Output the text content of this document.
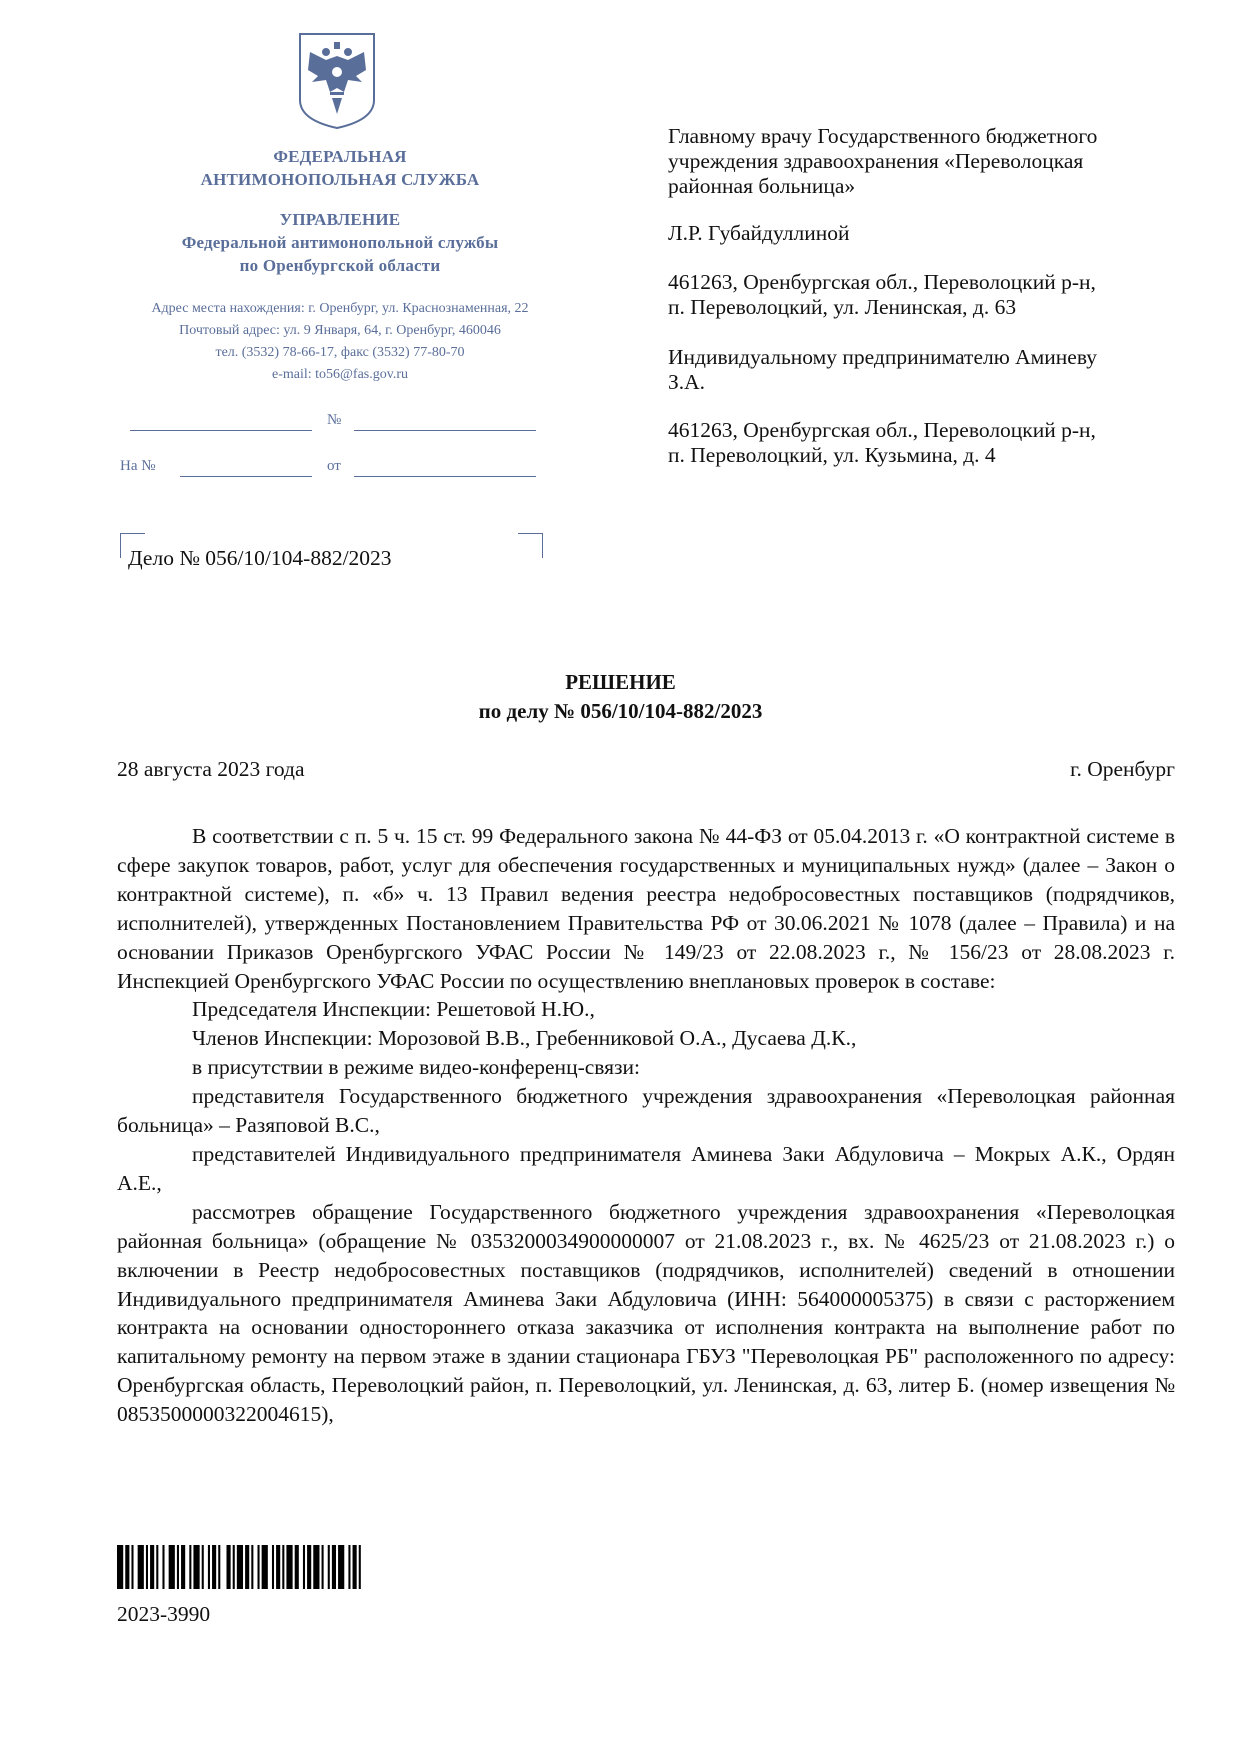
ФЕДЕРАЛЬНАЯ
АНТИМОНОПОЛЬНАЯ СЛУЖБА
УПРАВЛЕНИЕ
Федеральной антимонопольной службы
по Оренбургской области
Адрес места нахождения: г. Оренбург, ул. Краснознаменная, 22
Почтовый адрес: ул. 9 Января, 64, г. Оренбург, 460046
тел. (3532) 78-66-17, факс (3532) 77-80-70
e-mail: to56@fas.gov.ru
№
На №	от
Дело № 056/10/104-882/2023

Главному врачу Государственного бюджетного

учреждения здравоохранения «Переволоцкая

районная больница»

Л.Р. Губайдуллиной

461263, Оренбургская обл., Переволоцкий р-н,

п. Переволоцкий, ул. Ленинская, д. 63

Индивидуальному предпринимателю Аминеву

З.А.

461263, Оренбургская обл., Переволоцкий р-н,

п. Переволоцкий, ул. Кузьмина, д. 4

РЕШЕНИЕ
по делу № 056/10/104-882/2023
28 августа 2023 года	г. Оренбург

В соответствии с п. 5 ч. 15 ст. 99 Федерального закона № 44-ФЗ от 05.04.2013 г. «О контрактной системе в сфере закупок товаров, работ, услуг для обеспечения государственных и муниципальных нужд» (далее – Закон о контрактной системе), п. «б» ч. 13 Правил ведения реестра недобросовестных поставщиков (подрядчиков, исполнителей), утвержденных Постановлением Правительства РФ от 30.06.2021 № 1078 (далее – Правила) и на основании Приказов Оренбургского УФАС России № 149/23 от 22.08.2023 г., № 156/23 от 28.08.2023 г. Инспекцией Оренбургского УФАС России по осуществлению внеплановых проверок в составе:

Председателя Инспекции: Решетовой Н.Ю.,

Членов Инспекции: Морозовой В.В., Гребенниковой О.А., Дусаева Д.К.,

в присутствии в режиме видео-конференц-связи:

представителя Государственного бюджетного учреждения здравоохранения «Переволоцкая районная больница» – Разяповой В.С.,

представителей Индивидуального предпринимателя Аминева Заки Абдуловича – Мокрых А.К., Ордян А.Е.,

рассмотрев обращение Государственного бюджетного учреждения здравоохранения «Переволоцкая районная больница» (обращение № 0353200034900000007 от 21.08.2023 г., вх. № 4625/23 от 21.08.2023 г.) о включении в Реестр недобросовестных поставщиков (подрядчиков, исполнителей) сведений в отношении Индивидуального предпринимателя Аминева Заки Абдуловича (ИНН: 564000005375) в связи с расторжением контракта на основании одностороннего отказа заказчика от исполнения контракта на выполнение работ по капитальному ремонту на первом этаже в здании стационара ГБУЗ "Переволоцкая РБ" расположенного по адресу: Оренбургская область, Переволоцкий район, п. Переволоцкий, ул. Ленинская, д. 63, литер Б. (номер извещения № 0853500000322004615),

2023-3990
